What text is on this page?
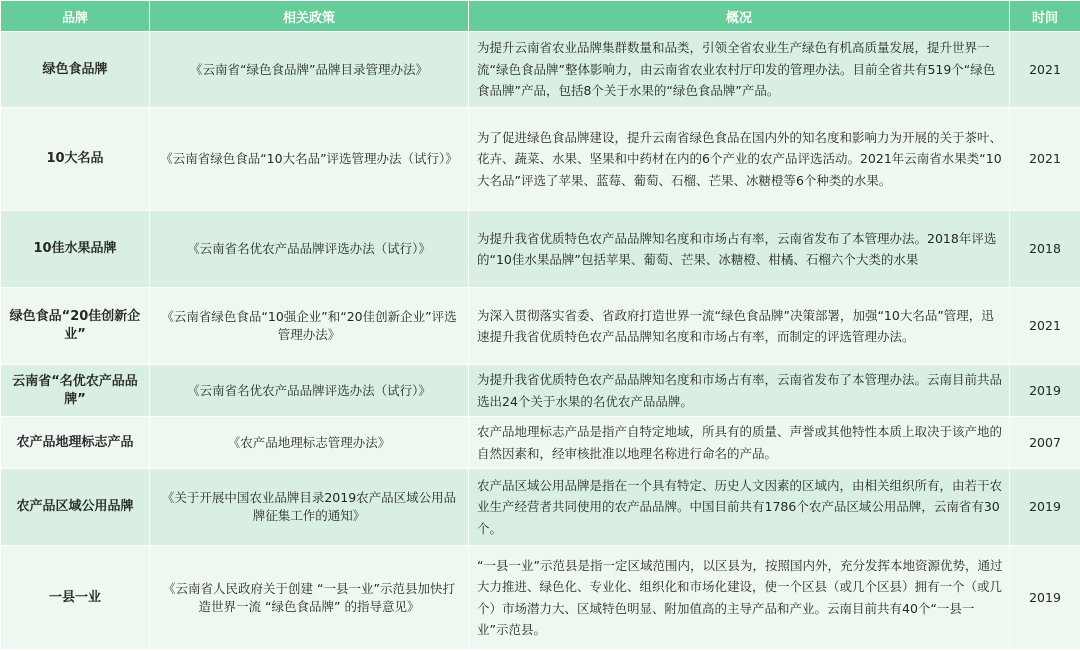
品牌	相关政策	概况	时间
绿色食品牌	《云南省“绿色食品牌”品牌目录管理办法》	为提升云南省农业品牌集群数量和品类，引领全省农业生产绿色有机高质量发展，提升世界一流“绿色食品牌”整体影响力，由云南省农业农村厅印发的管理办法。目前全省共有519个“绿色食品牌”产品，包括8个关于水果的“绿色食品牌”产品。	2021
10大名品	《云南省绿色食品“10大名品”评选管理办法（试行）》	为了促进绿色食品牌建设，提升云南省绿色食品在国内外的知名度和影响力为开展的关于茶叶、花卉、蔬菜、水果、坚果和中药材在内的6个产业的农产品评选活动。2021年云南省水果类“10大名品”评选了苹果、蓝莓、葡萄、石榴、芒果、冰糖橙等6个种类的水果。	2021
10佳水果品牌	《云南省名优农产品品牌评选办法（试行）》	为提升我省优质特色农产品品牌知名度和市场占有率，云南省发布了本管理办法。2018年评选的“10佳水果品牌”包括苹果、葡萄、芒果、冰糖橙、柑橘、石榴六个大类的水果	2018
绿色食品“20佳创新企业”	《云南省绿色食品“10强企业”和“20佳创新企业”评选管理办法》	为深入贯彻落实省委、省政府打造世界一流“绿色食品牌”决策部署，加强“10大名品”管理，迅速提升我省优质特色农产品品牌知名度和市场占有率，而制定的评选管理办法。	2021
云南省“名优农产品品牌”	《云南省名优农产品品牌评选办法（试行）》	为提升我省优质特色农产品品牌知名度和市场占有率，云南省发布了本管理办法。云南目前共品选出24个关于水果的名优农产品品牌。	2019
农产品地理标志产品	《农产品地理标志管理办法》	农产品地理标志产品是指产自特定地域，所具有的质量、声誉或其他特性本质上取决于该产地的自然因素和，经审核批准以地理名称进行命名的产品。	2007
农产品区域公用品牌	《关于开展中国农业品牌目录2019农产品区域公用品牌征集工作的通知》	农产品区域公用品牌是指在一个具有特定、历史人文因素的区域内，由相关组织所有，由若干农业生产经营者共同使用的农产品品牌。中国目前共有1786个农产品区域公用品牌，云南省有30个。	2019
一县一业	《云南省人民政府关于创建 “一县一业”示范县加快打造世界一流 “绿色食品牌” 的指导意见》	“一县一业”示范县是指一定区域范围内，以区县为，按照国内外，充分发挥本地资源优势，通过大力推进、绿色化、专业化、组织化和市场化建设，使一个区县（或几个区县）拥有一个（或几个）市场潜力大、区域特色明显、附加值高的主导产品和产业。云南目前共有40个“一县一业”示范县。	2019
